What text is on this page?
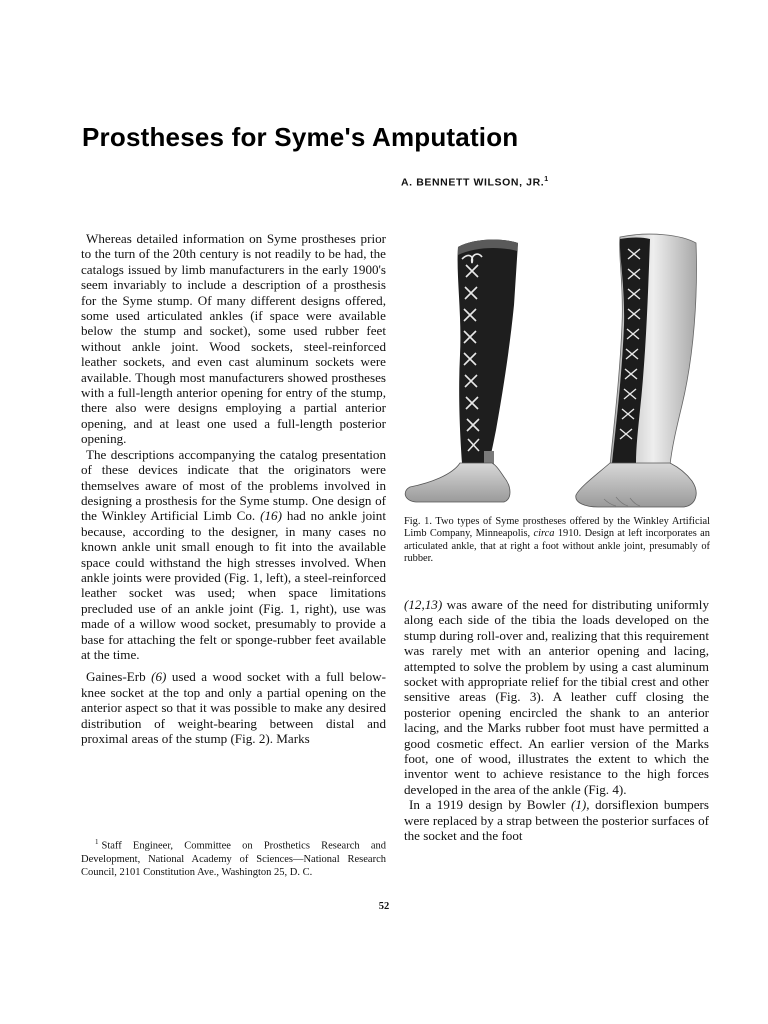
Prostheses for Syme's Amputation
A. BENNETT WILSON, JR.$^1$

Whereas detailed information on Syme prostheses prior to the turn of the 20th century is not readily to be had, the catalogs issued by limb manufacturers in the early 1900's seem invariably to include a description of a prosthesis for the Syme stump. Of many different designs offered, some used articulated ankles (if space were available below the stump and socket), some used rubber feet without ankle joint. Wood sockets, steel-reinforced leather sockets, and even cast aluminum sockets were available. Though most manufacturers showed prostheses with a full-length anterior opening for entry of the stump, there also were designs employing a partial anterior opening, and at least one used a full-length posterior opening.

The descriptions accompanying the catalog presentation of these devices indicate that the originators were themselves aware of most of the problems involved in designing a prosthesis for the Syme stump. One design of the Winkley Artificial Limb Co. (16) had no ankle joint because, according to the designer, in many cases no known ankle unit small enough to fit into the available space could withstand the high stresses involved. When ankle joints were provided (Fig. 1, left), a steel-reinforced leather socket was used; when space limitations precluded use of an ankle joint (Fig. 1, right), use was made of a willow wood socket, presumably to provide a base for attaching the felt or sponge-rubber feet available at the time.

Gaines-Erb (6) used a wood socket with a full below-knee socket at the top and only a partial opening on the anterior aspect so that it was possible to make any desired distribution of weight-bearing between distal and proximal areas of the stump (Fig. 2). Marks

Fig. 1. Two types of Syme prostheses offered by the Winkley Artificial Limb Company, Minneapolis, circa 1910. Design at left incorporates an articulated ankle, that at right a foot without ankle joint, presumably of rubber.

(12,13) was aware of the need for distributing uniformly along each side of the tibia the loads developed on the stump during roll-over and, realizing that this requirement was rarely met with an anterior opening and lacing, attempted to solve the problem by using a cast aluminum socket with appropriate relief for the tibial crest and other sensitive areas (Fig. 3). A leather cuff closing the posterior opening encircled the shank to an anterior lacing, and the Marks rubber foot must have permitted a good cosmetic effect. An earlier version of the Marks foot, one of wood, illustrates the extent to which the inventor went to achieve resistance to the high forces developed in the area of the ankle (Fig. 4).

In a 1919 design by Bowler (1), dorsiflexion bumpers were replaced by a strap between the posterior surfaces of the socket and the foot

$^1$ Staff Engineer, Committee on Prosthetics Research and Development, National Academy of Sciences—National Research Council, 2101 Constitution Ave., Washington 25, D. C.
52
